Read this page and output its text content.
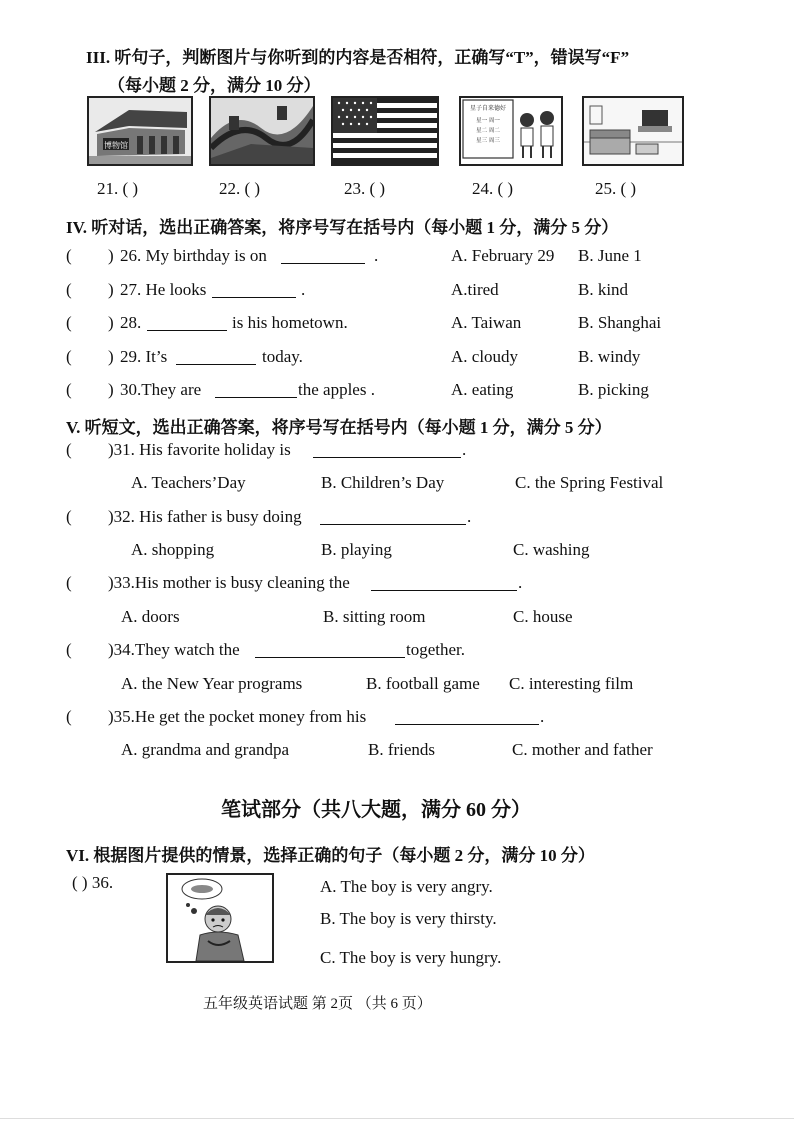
III. 听句子，判断图片与你听到的内容是否相符，正确写“T”，错误写“F”
（每小题 2 分，满分 10 分）
博物馆
星子自来德好
星一 周一
星二 周二
星三 周三
21. ( )	22. ( )	23. ( )	24. ( )	25. ( )
IV. 听对话，选出正确答案，将序号写在括号内（每小题 1 分，满分 5 分）
( ) 26. My birthday is on	.	A. February 29 B. June 1
( ) 27. He looks	.	A.tired	B. kind
( ) 28.	is his hometown.	A. Taiwan	B. Shanghai
( ) 29. It’s	today.	A. cloudy	B. windy
( ) 30.They are	the apples .	A. eating	B. picking
V. 听短文，选出正确答案，将序号写在括号内（每小题 1 分，满分 5 分）
( )31. His favorite holiday is	.
A. Teachers’Day	B. Children’s Day	C. the Spring Festival
( )32. His father is busy doing	.
A. shopping	B. playing	C. washing
( )33.His mother is busy cleaning the	.
A. doors	B. sitting room	C. house
( )34.They watch the	together.
A. the New Year programs	B. football game C. interesting film
( )35.He get the pocket money from his	.
A. grandma and grandpa	B. friends	C. mother and father
笔试部分（共八大题，满分 60 分）
VI. 根据图片提供的情景，选择正确的句子（每小题 2 分，满分 10 分）
( ) 36.	A. The boy is very angry.
B. The boy is very thirsty.
C. The boy is very hungry.
五年级英语试题 第 2页 （共 6 页）
